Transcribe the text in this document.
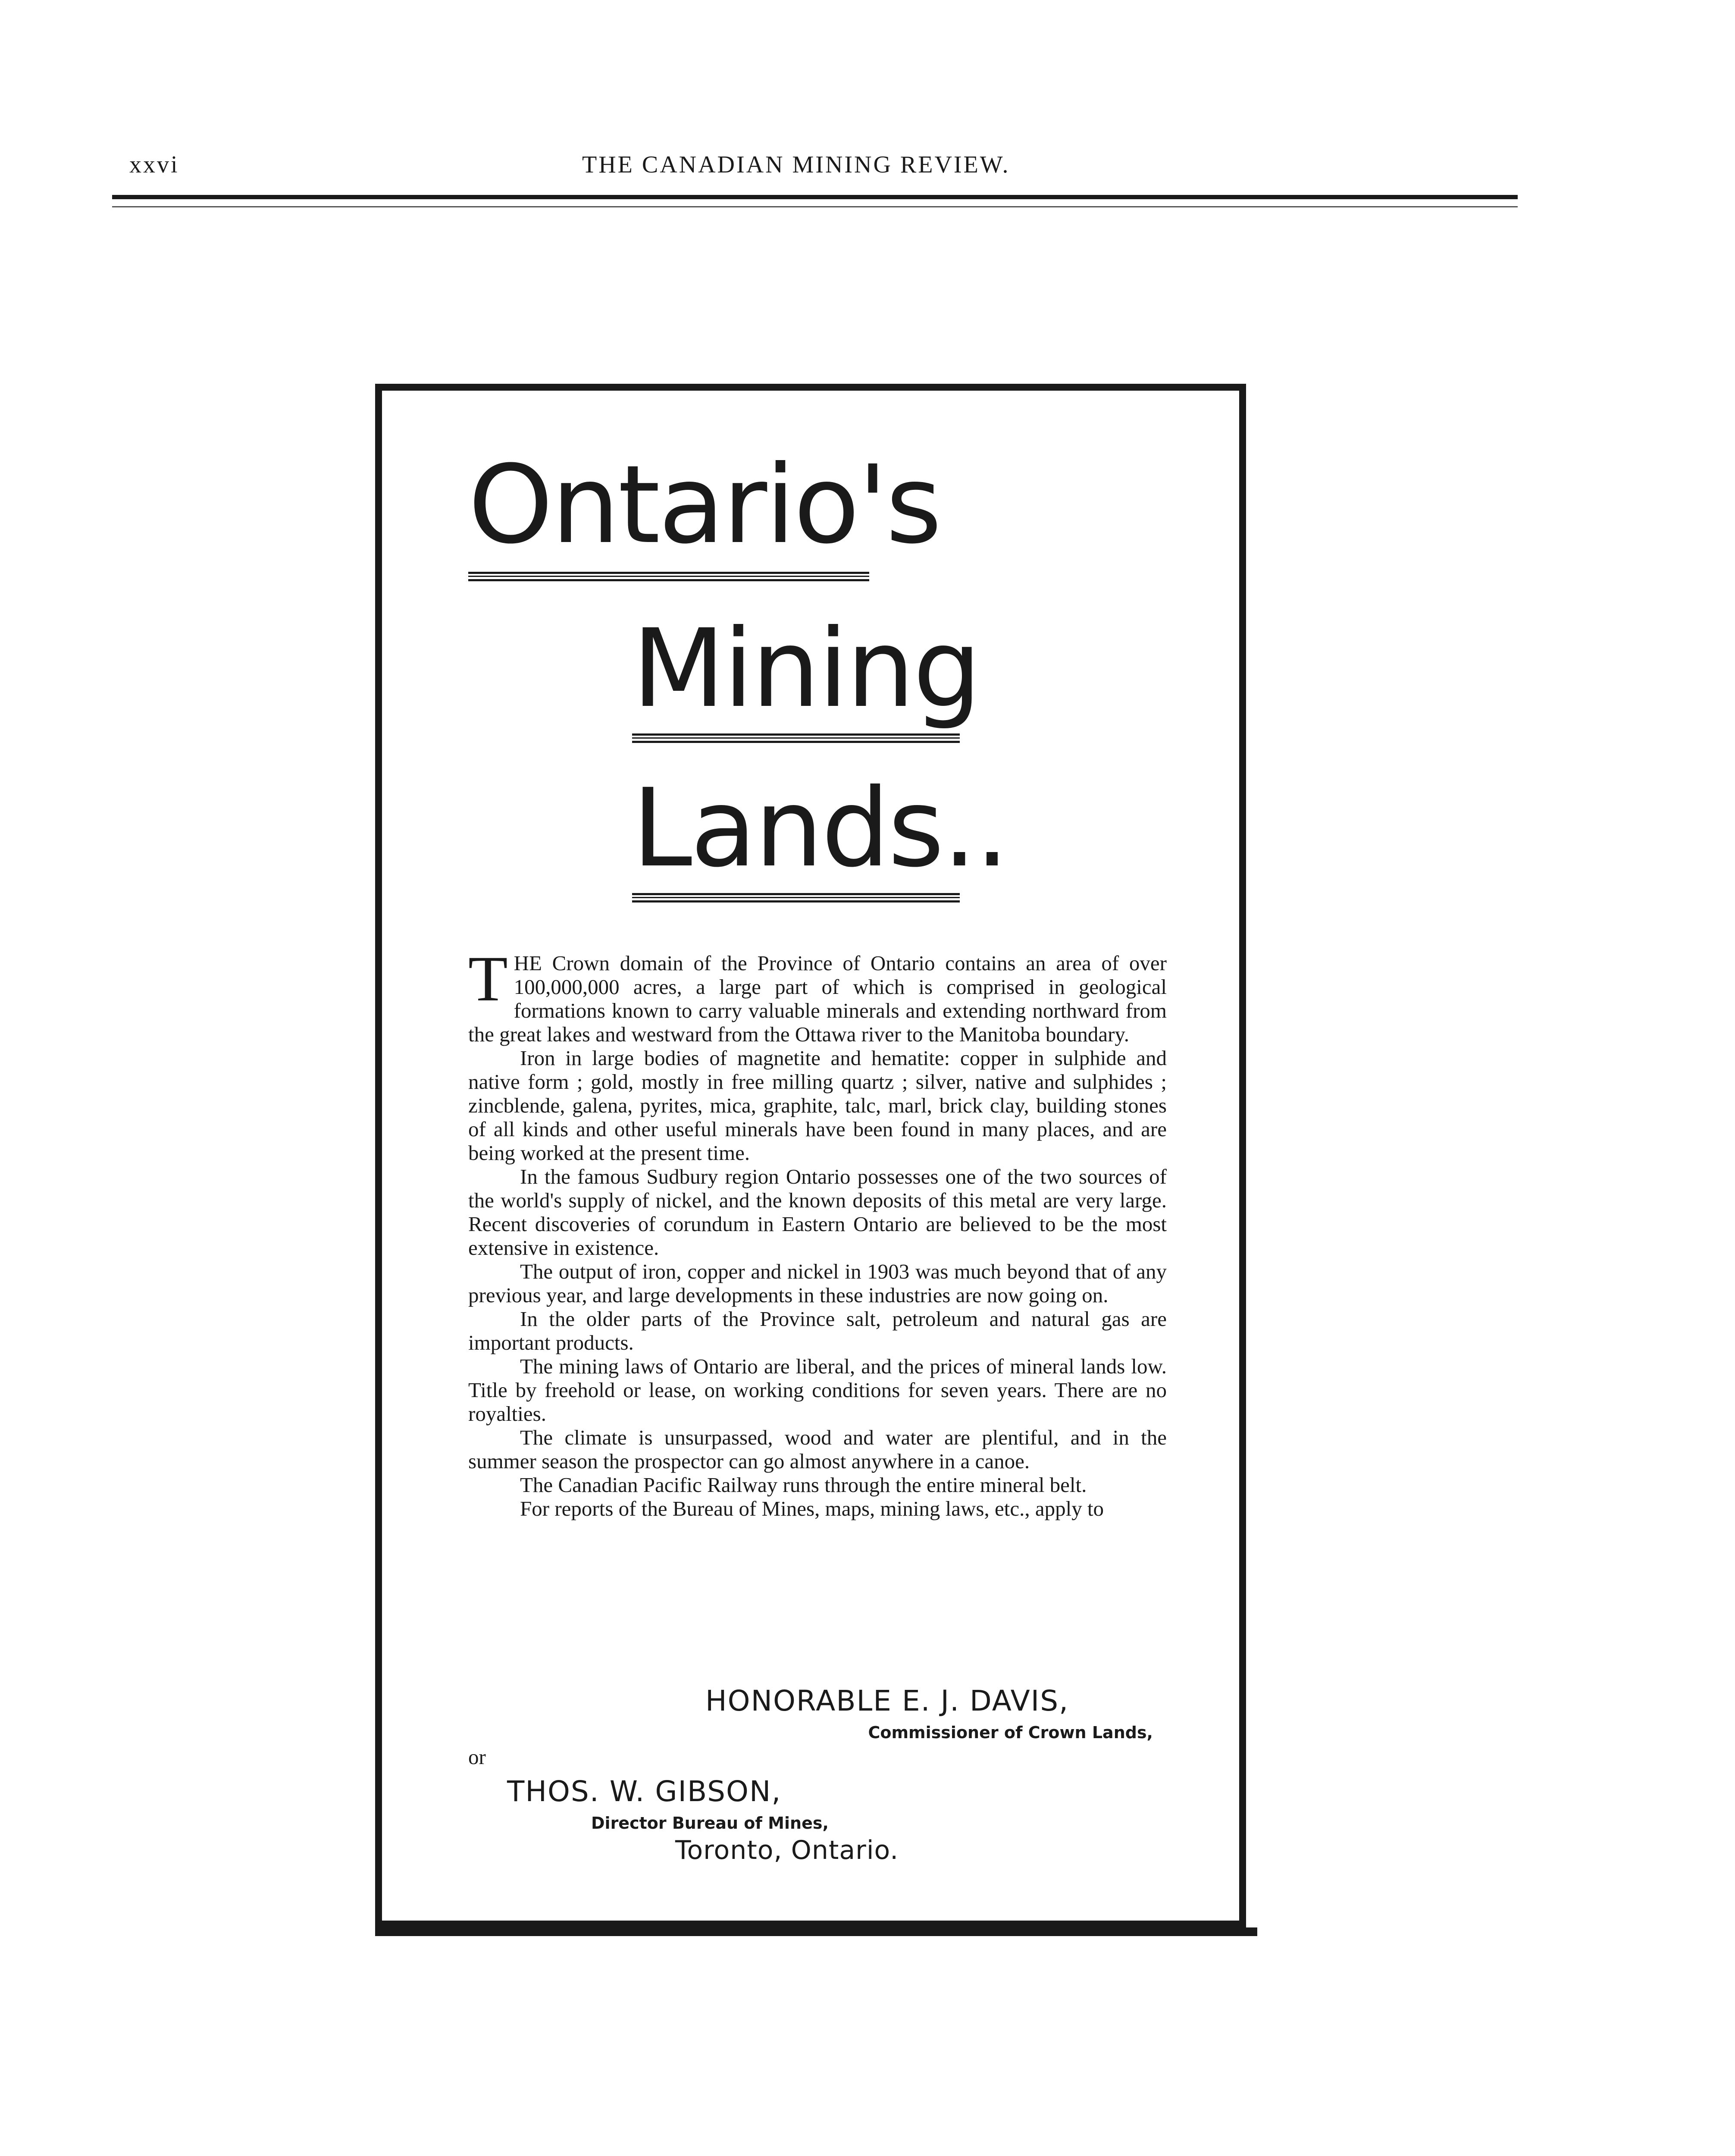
xxvi	THE CANADIAN MINING REVIEW.
Ontario's
Mining
Lands..

THE Crown domain of the Province of Ontario contains an area of over 100,000,000 acres, a large part of which is comprised in geological formations known to carry valuable minerals and extending northward from the great lakes and westward from the Ottawa river to the Manitoba boundary.

Iron in large bodies of magnetite and hematite: copper in sulphide and native form ; gold, mostly in free milling quartz ; silver, native and sulphides ; zincblende, galena, pyrites, mica, graphite, talc, marl, brick clay, building stones of all kinds and other useful minerals have been found in many places, and are being worked at the present time.

In the famous Sudbury region Ontario possesses one of the two sources of the world's supply of nickel, and the known deposits of this metal are very large. Recent discoveries of corundum in Eastern Ontario are believed to be the most extensive in existence.

The output of iron, copper and nickel in 1903 was much beyond that of any previous year, and large developments in these industries are now going on.

In the older parts of the Province salt, petroleum and natural gas are important products.

The mining laws of Ontario are liberal, and the prices of mineral lands low. Title by freehold or lease, on working conditions for seven years. There are no royalties.

The climate is unsurpassed, wood and water are plentiful, and in the summer season the prospector can go almost anywhere in a canoe.

The Canadian Pacific Railway runs through the entire mineral belt.

For reports of the Bureau of Mines, maps, mining laws, etc., apply to

HONORABLE E. J. DAVIS,
Commissioner of Crown Lands,
or
THOS. W. GIBSON,
Director Bureau of Mines,
Toronto, Ontario.
